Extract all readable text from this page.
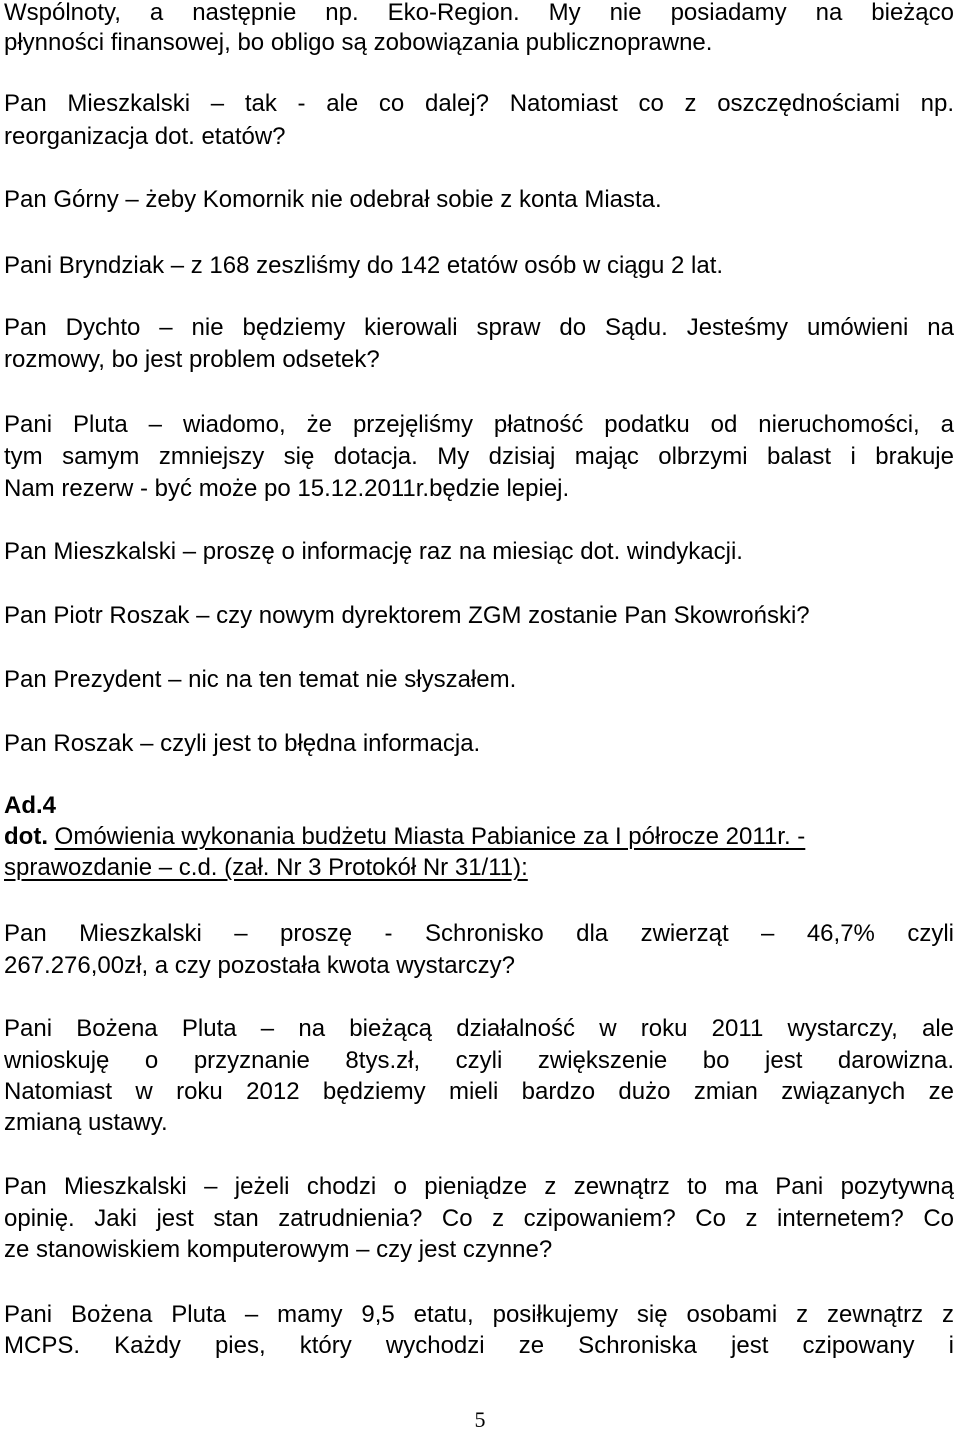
Wspólnoty, a następnie np. Eko-Region. My nie posiadamy na bieżąco
płynności finansowej, bo obligo są zobowiązania publicznoprawne.
Pan Mieszkalski – tak - ale co dalej? Natomiast co z oszczędnościami np.
reorganizacja dot. etatów?
Pan Górny – żeby Komornik nie odebrał sobie z konta Miasta.
Pani Bryndziak – z 168 zeszliśmy do 142 etatów osób w ciągu 2 lat.
Pan Dychto – nie będziemy kierowali spraw do Sądu. Jesteśmy umówieni na
rozmowy, bo jest problem odsetek?
Pani Pluta – wiadomo, że przejęliśmy płatność podatku od nieruchomości, a
tym samym zmniejszy się dotacja. My dzisiaj mając olbrzymi balast i brakuje
Nam rezerw - być może po 15.12.2011r.będzie lepiej.
Pan Mieszkalski – proszę o informację raz na miesiąc dot. windykacji.
Pan Piotr Roszak – czy nowym dyrektorem ZGM zostanie Pan Skowroński?
Pan Prezydent – nic na ten temat nie słyszałem.
Pan Roszak – czyli jest to błędna informacja.
Ad.4
dot. Omówienia wykonania budżetu Miasta Pabianice za I półrocze 2011r. -
sprawozdanie – c.d. (zał. Nr 3 Protokół Nr 31/11):
Pan Mieszkalski – proszę - Schronisko dla zwierząt – 46,7% czyli
267.276,00zł, a czy pozostała kwota wystarczy?
Pani Bożena Pluta – na bieżącą działalność w roku 2011 wystarczy, ale
wnioskuję o przyznanie 8tys.zł, czyli zwiększenie bo jest darowizna.
Natomiast w roku 2012 będziemy mieli bardzo dużo zmian związanych ze
zmianą ustawy.
Pan Mieszkalski – jeżeli chodzi o pieniądze z zewnątrz to ma Pani pozytywną
opinię. Jaki jest stan zatrudnienia? Co z czipowaniem? Co z internetem? Co
ze stanowiskiem komputerowym – czy jest czynne?
Pani Bożena Pluta – mamy 9,5 etatu, posiłkujemy się osobami z zewnątrz z
MCPS. Każdy pies, który wychodzi ze Schroniska jest czipowany i
5
